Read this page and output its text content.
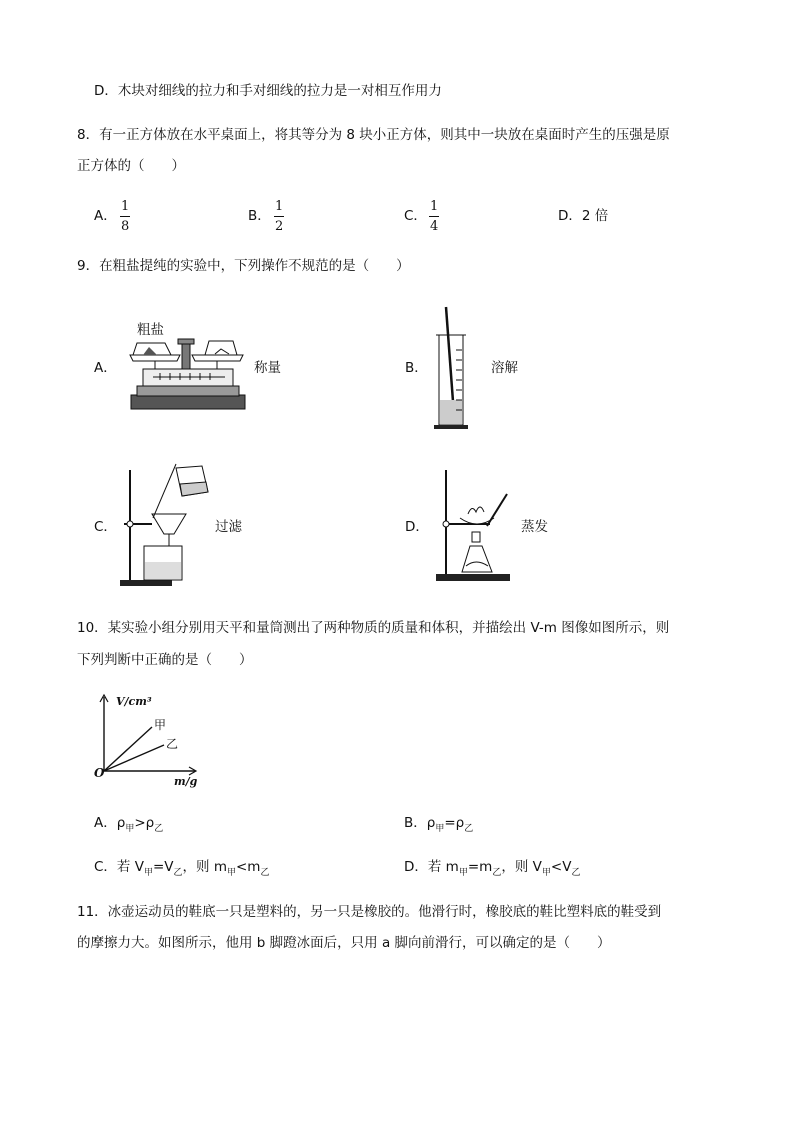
D．木块对细线的拉力和手对细线的拉力是一对相互作用力
8．有一正方体放在水平桌面上，将其等分为 8 块小正方体，则其中一块放在桌面时产生的压强是原
正方体的（　　）
A．
1
8
B．
1
2
C．
1
4
D．2 倍
9．在粗盐提纯的实验中，下列操作不规范的是（　　）
A．
粗盐
称量	B．	溶解
C．	过滤	D．	蒸发
10．某实验小组分别用天平和量筒测出了两种物质的质量和体积，并描绘出 V-m 图像如图所示，则
下列判断中正确的是（　　）
V/cm³
m/g
O
甲
乙
A．$\rho_甲>\rho_乙$	B．$\rho_甲=\rho_乙$
C．若 $V_甲=V_乙$，则 $m_甲<m_乙$	D．若 $m_甲=m_乙$，则 $V_甲<V_乙$
11．冰壶运动员的鞋底一只是塑料的，另一只是橡胶的。他滑行时，橡胶底的鞋比塑料底的鞋受到
的摩擦力大。如图所示，他用 b 脚蹬冰面后，只用 a 脚向前滑行，可以确定的是（　　）
